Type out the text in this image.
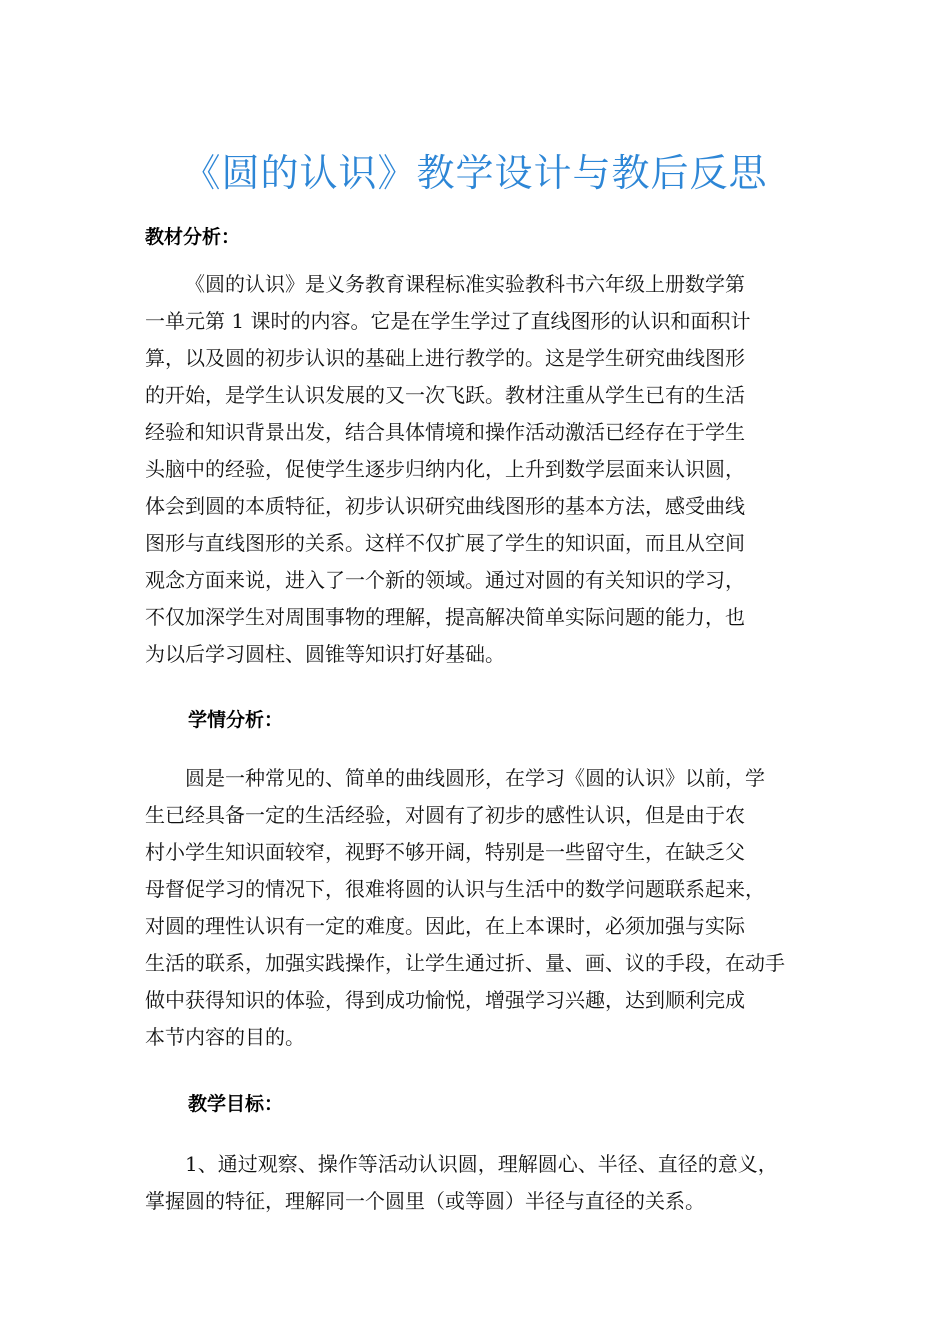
《圆的认识》教学设计与教后反思
教材分析：
《圆的认识》是义务教育课程标准实验教科书六年级上册数学第
一单元第 1 课时的内容。它是在学生学过了直线图形的认识和面积计
算，以及圆的初步认识的基础上进行教学的。这是学生研究曲线图形
的开始，是学生认识发展的又一次飞跃。教材注重从学生已有的生活
经验和知识背景出发，结合具体情境和操作活动激活已经存在于学生
头脑中的经验，促使学生逐步归纳内化，上升到数学层面来认识圆，
体会到圆的本质特征，初步认识研究曲线图形的基本方法，感受曲线
图形与直线图形的关系。这样不仅扩展了学生的知识面，而且从空间
观念方面来说，进入了一个新的领域。通过对圆的有关知识的学习，
不仅加深学生对周围事物的理解，提高解决简单实际问题的能力，也
为以后学习圆柱、圆锥等知识打好基础。
学情分析：
圆是一种常见的、简单的曲线圆形，在学习《圆的认识》以前，学
生已经具备一定的生活经验，对圆有了初步的感性认识，但是由于农
村小学生知识面较窄，视野不够开阔，特别是一些留守生，在缺乏父
母督促学习的情况下，很难将圆的认识与生活中的数学问题联系起来，
对圆的理性认识有一定的难度。因此，在上本课时，必须加强与实际
生活的联系，加强实践操作，让学生通过折、量、画、议的手段，在动手
做中获得知识的体验，得到成功愉悦，增强学习兴趣，达到顺利完成
本节内容的目的。
教学目标：
1、通过观察、操作等活动认识圆，理解圆心、半径、直径的意义，
掌握圆的特征，理解同一个圆里（或等圆）半径与直径的关系。
